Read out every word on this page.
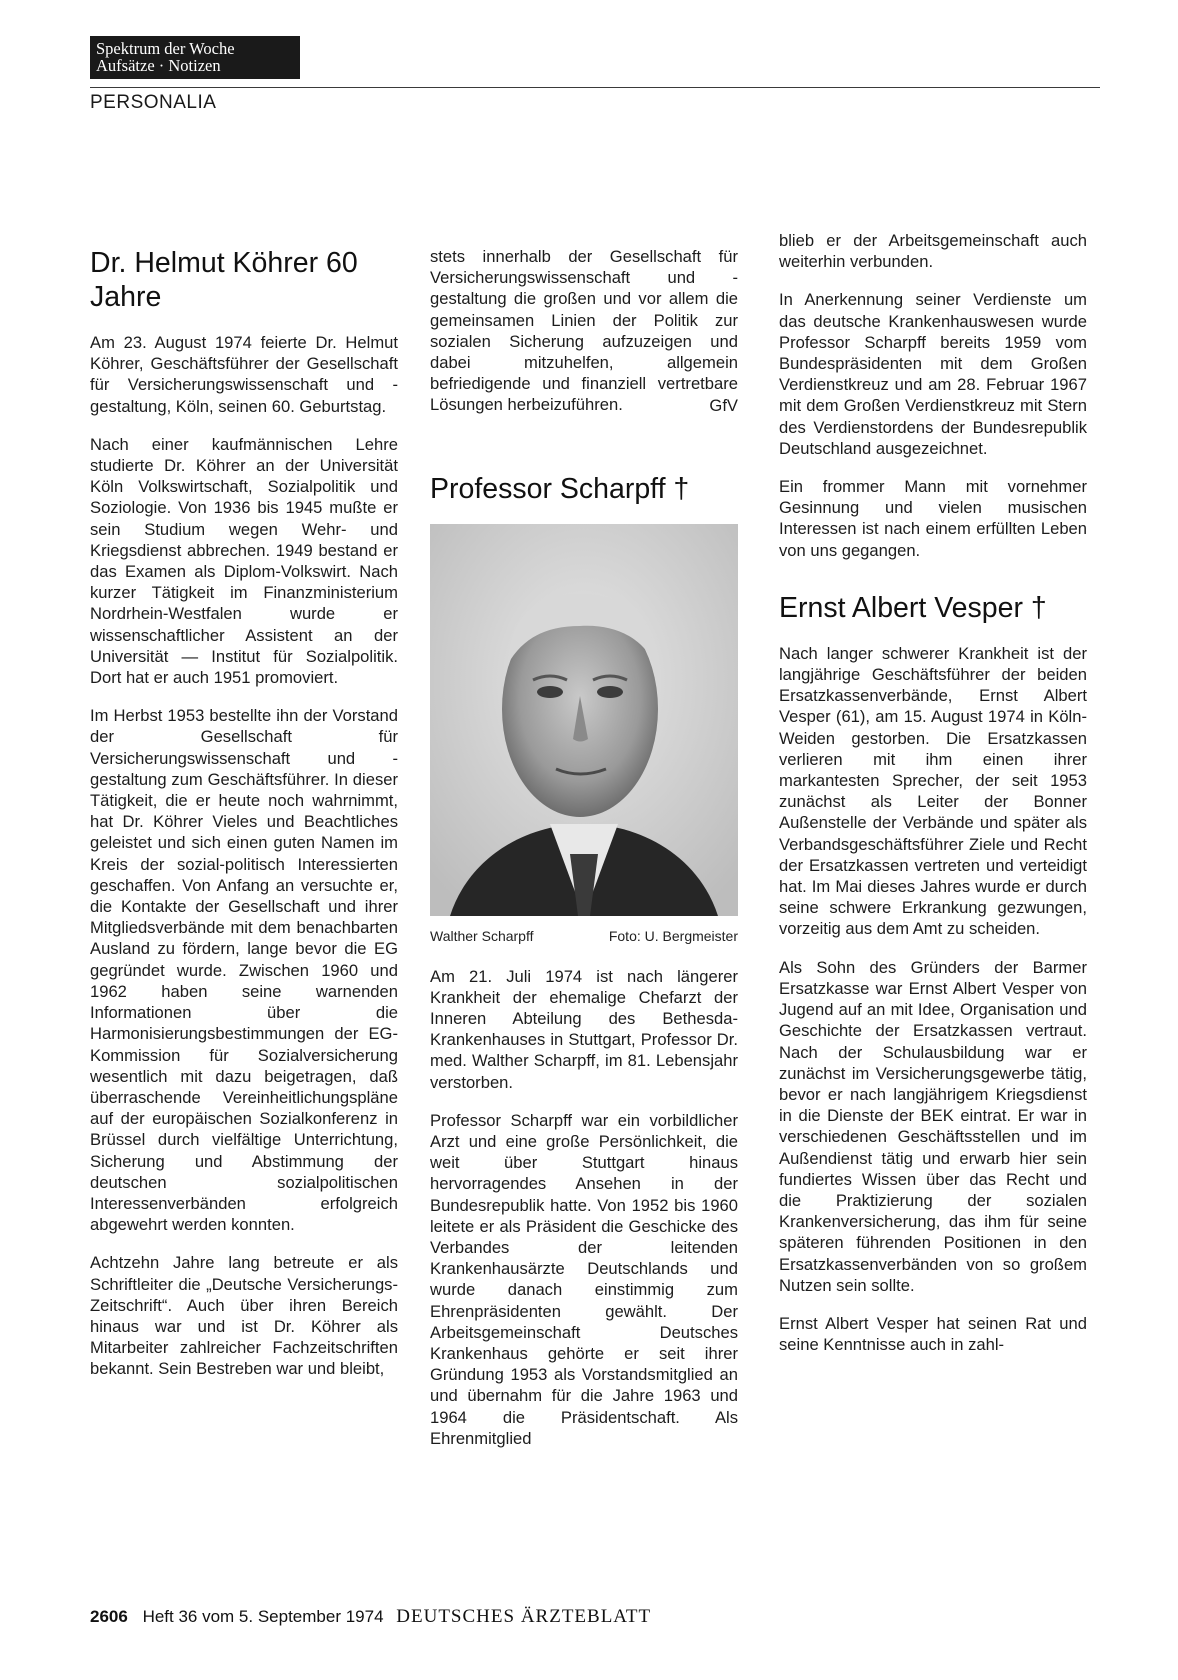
Spektrum der Woche
Aufsätze · Notizen
PERSONALIA
Dr. Helmut Köhrer 60 Jahre

Am 23. August 1974 feierte Dr. Helmut Köhrer, Geschäftsführer der Gesellschaft für Versicherungswissenschaft und -gestaltung, Köln, seinen 60. Geburtstag.

Nach einer kaufmännischen Lehre studierte Dr. Köhrer an der Universität Köln Volkswirtschaft, Sozialpolitik und Soziologie. Von 1936 bis 1945 mußte er sein Studium wegen Wehr- und Kriegsdienst abbrechen. 1949 bestand er das Examen als Diplom-Volkswirt. Nach kurzer Tätigkeit im Finanzministerium Nordrhein-Westfalen wurde er wissenschaftlicher Assistent an der Universität — Institut für Sozialpolitik. Dort hat er auch 1951 promoviert.

Im Herbst 1953 bestellte ihn der Vorstand der Gesellschaft für Versicherungswissenschaft und -gestaltung zum Geschäftsführer. In dieser Tätigkeit, die er heute noch wahrnimmt, hat Dr. Köhrer Vieles und Beachtliches geleistet und sich einen guten Namen im Kreis der sozial-politisch Interessierten geschaffen. Von Anfang an versuchte er, die Kontakte der Gesellschaft und ihrer Mitgliedsverbände mit dem benachbarten Ausland zu fördern, lange bevor die EG gegründet wurde. Zwischen 1960 und 1962 haben seine warnenden Informationen über die Harmonisierungsbestimmungen der EG-Kommission für Sozialversicherung wesentlich mit dazu beigetragen, daß überraschende Vereinheitlichungspläne auf der europäischen Sozialkonferenz in Brüssel durch vielfältige Unterrichtung, Sicherung und Abstimmung der deutschen sozialpolitischen Interessenverbänden erfolgreich abgewehrt werden konnten.

Achtzehn Jahre lang betreute er als Schriftleiter die „Deutsche Versicherungs-Zeitschrift“. Auch über ihren Bereich hinaus war und ist Dr. Köhrer als Mitarbeiter zahlreicher Fachzeitschriften bekannt. Sein Bestreben war und bleibt,

stets innerhalb der Gesellschaft für Versicherungswissenschaft und -gestaltung die großen und vor allem die gemeinsamen Linien der Politik zur sozialen Sicherung aufzuzeigen und dabei mitzuhelfen, allgemein befriedigende und finanziell vertretbare Lösungen herbeizuführen.	GfV
Professor Scharpff †
Walther Scharpff	Foto: U. Bergmeister

Am 21. Juli 1974 ist nach längerer Krankheit der ehemalige Chefarzt der Inneren Abteilung des Bethesda-Krankenhauses in Stuttgart, Professor Dr. med. Walther Scharpff, im 81. Lebensjahr verstorben.

Professor Scharpff war ein vorbildlicher Arzt und eine große Persönlichkeit, die weit über Stuttgart hinaus hervorragendes Ansehen in der Bundesrepublik hatte. Von 1952 bis 1960 leitete er als Präsident die Geschicke des Verbandes der leitenden Krankenhausärzte Deutschlands und wurde danach einstimmig zum Ehrenpräsidenten gewählt. Der Arbeitsgemeinschaft Deutsches Krankenhaus gehörte er seit ihrer Gründung 1953 als Vorstandsmitglied an und übernahm für die Jahre 1963 und 1964 die Präsidentschaft. Als Ehrenmitglied

blieb er der Arbeitsgemeinschaft auch weiterhin verbunden.

In Anerkennung seiner Verdienste um das deutsche Krankenhauswesen wurde Professor Scharpff bereits 1959 vom Bundespräsidenten mit dem Großen Verdienstkreuz und am 28. Februar 1967 mit dem Großen Verdienstkreuz mit Stern des Verdienstordens der Bundesrepublik Deutschland ausgezeichnet.

Ein frommer Mann mit vornehmer Gesinnung und vielen musischen Interessen ist nach einem erfüllten Leben von uns gegangen.

Ernst Albert Vesper †

Nach langer schwerer Krankheit ist der langjährige Geschäftsführer der beiden Ersatzkassenverbände, Ernst Albert Vesper (61), am 15. August 1974 in Köln-Weiden gestorben. Die Ersatzkassen verlieren mit ihm einen ihrer markantesten Sprecher, der seit 1953 zunächst als Leiter der Bonner Außenstelle der Verbände und später als Verbandsgeschäftsführer Ziele und Recht der Ersatzkassen vertreten und verteidigt hat. Im Mai dieses Jahres wurde er durch seine schwere Erkrankung gezwungen, vorzeitig aus dem Amt zu scheiden.

Als Sohn des Gründers der Barmer Ersatzkasse war Ernst Albert Vesper von Jugend auf an mit Idee, Organisation und Geschichte der Ersatzkassen vertraut. Nach der Schulausbildung war er zunächst im Versicherungsgewerbe tätig, bevor er nach langjährigem Kriegsdienst in die Dienste der BEK eintrat. Er war in verschiedenen Geschäftsstellen und im Außendienst tätig und erwarb hier sein fundiertes Wissen über das Recht und die Praktizierung der sozialen Krankenversicherung, das ihm für seine späteren führenden Positionen in den Ersatzkassenverbänden von so großem Nutzen sein sollte.

Ernst Albert Vesper hat seinen Rat und seine Kenntnisse auch in zahl-

2606 Heft 36 vom 5. September 1974 DEUTSCHES ÄRZTEBLATT
